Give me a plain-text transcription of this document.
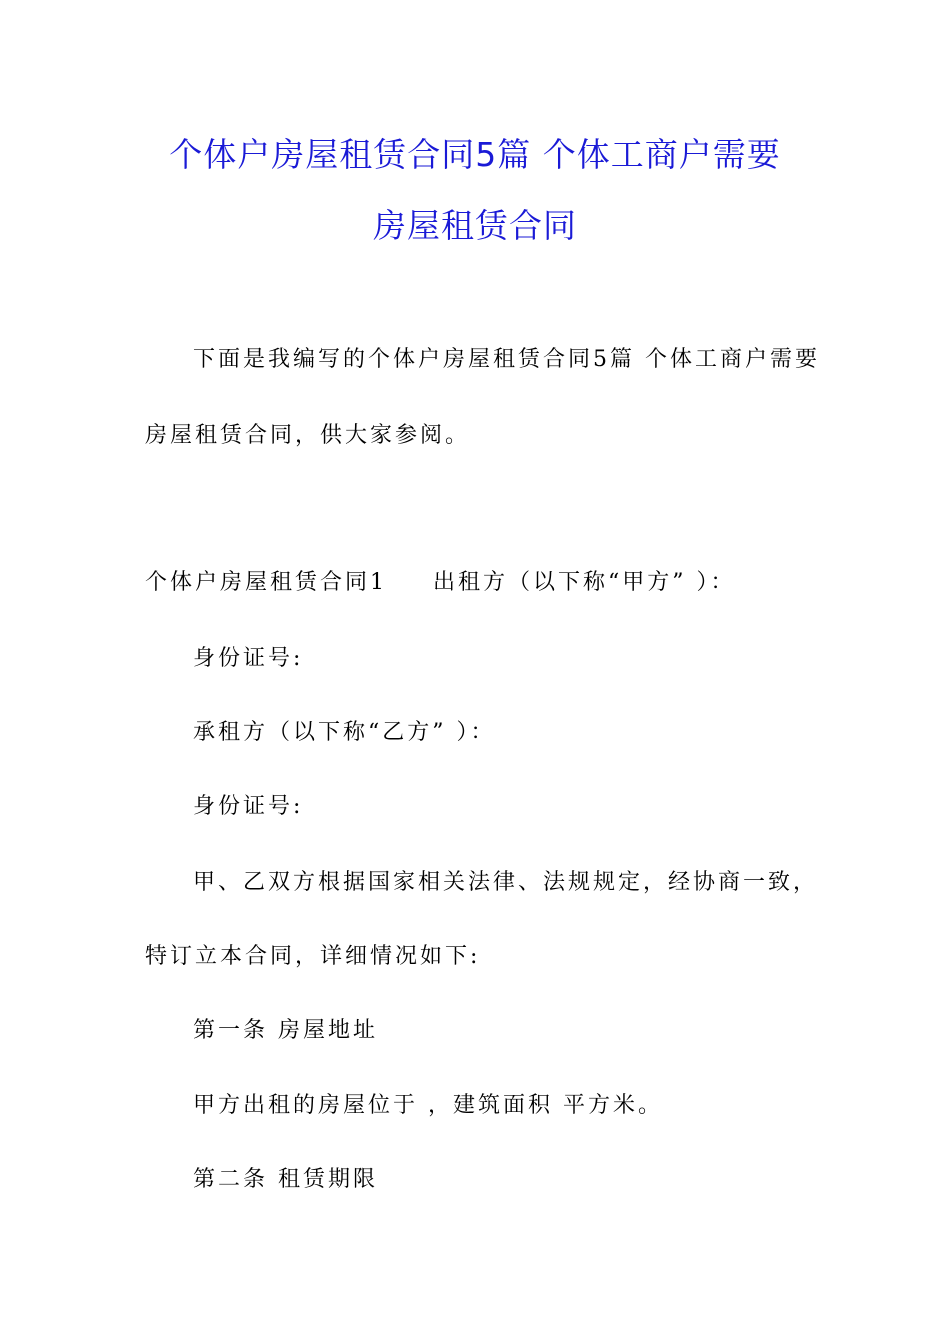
个体户房屋租赁合同5篇 个体工商户需要
房屋租赁合同
下面是我编写的个体户房屋租赁合同5篇 个体工商户需要
房屋租赁合同，供大家参阅。
个体户房屋租赁合同1 出租方（以下称“甲方” ）：
身份证号:
承租方（以下称“乙方” ）：
身份证号:
甲、乙双方根据国家相关法律、法规规定，经协商一致，
特订立本合同，详细情况如下:
第一条 房屋地址
甲方出租的房屋位于 ，建筑面积 平方米。
第二条 租赁期限
